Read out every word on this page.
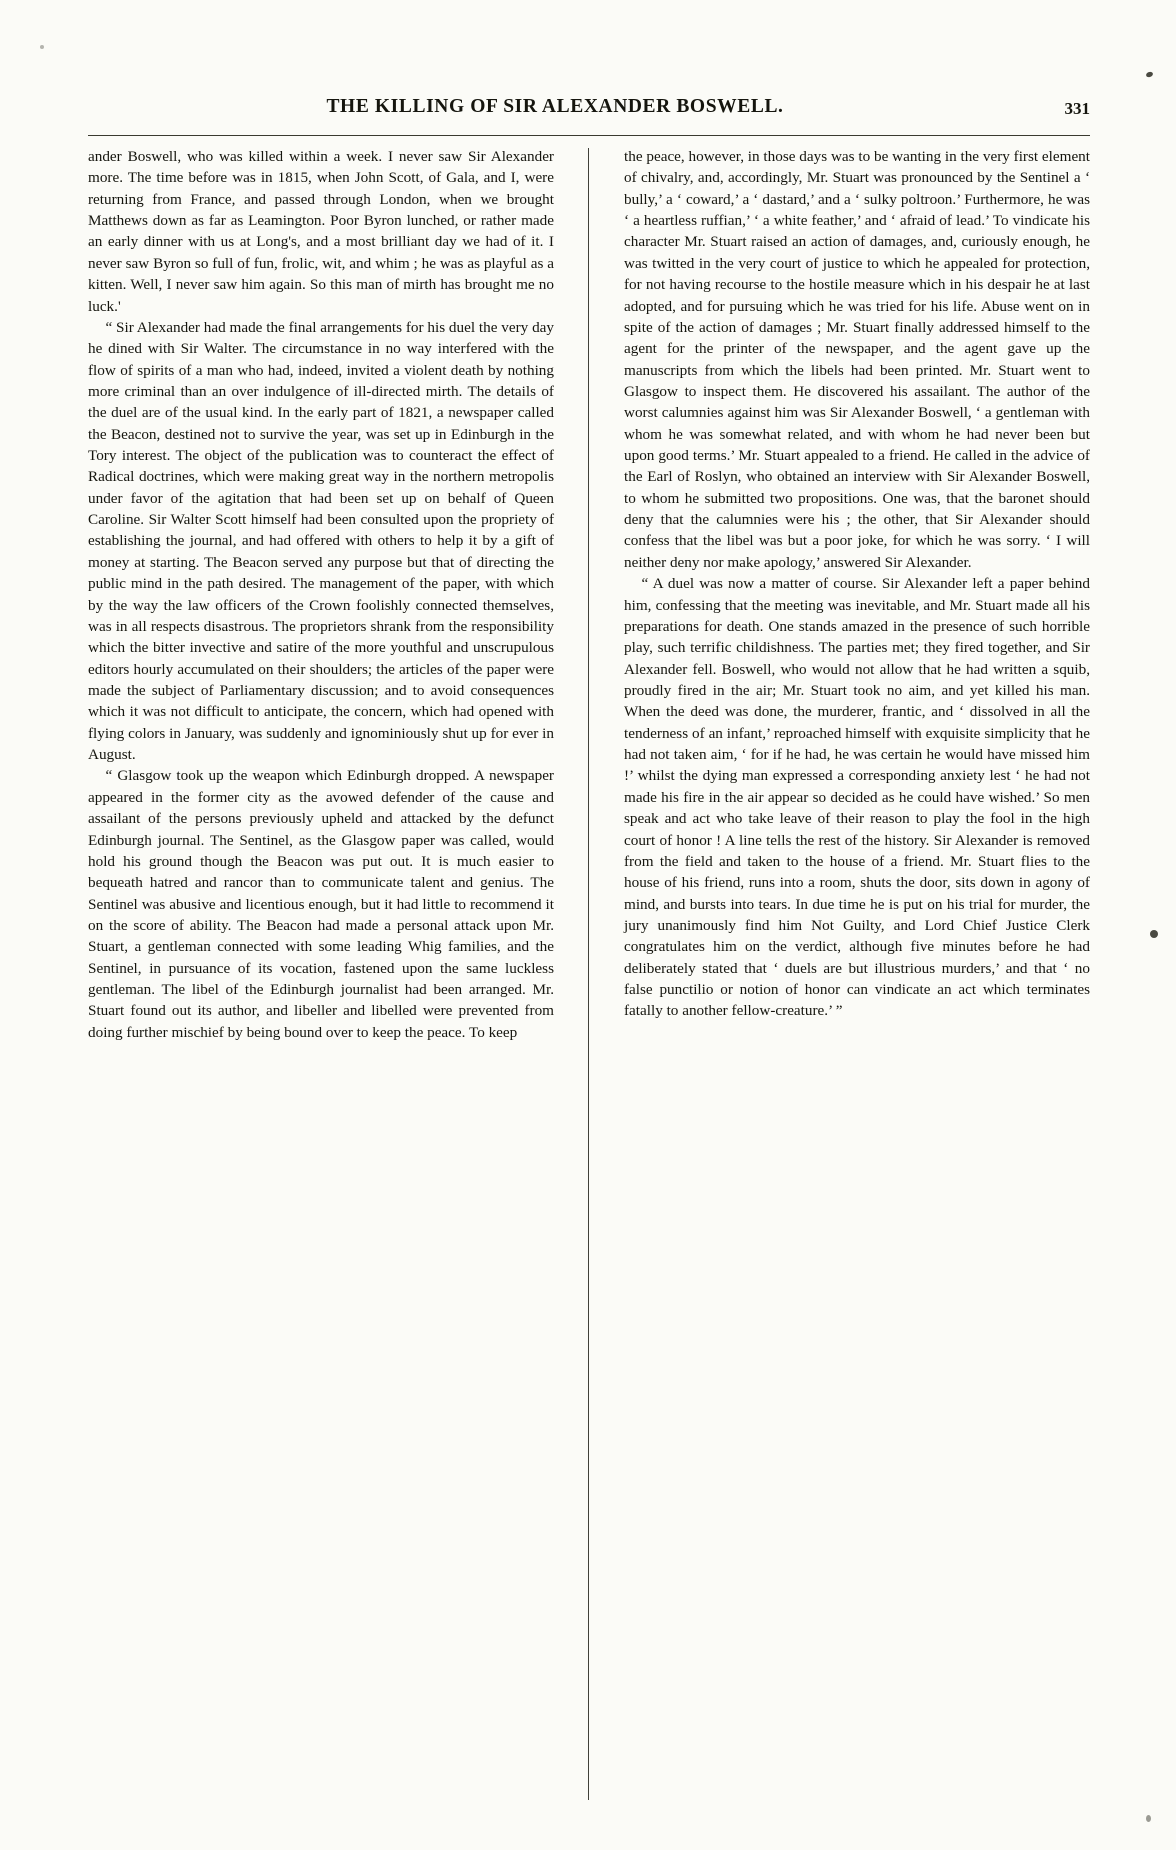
THE KILLING OF SIR ALEXANDER BOSWELL.	331

ander Boswell, who was killed within a week. I never saw Sir Alexander more. The time before was in 1815, when John Scott, of Gala, and I, were returning from France, and passed through London, when we brought Matthews down as far as Leamington. Poor Byron lunched, or rather made an early dinner with us at Long's, and a most brilliant day we had of it. I never saw Byron so full of fun, frolic, wit, and whim ; he was as playful as a kitten. Well, I never saw him again. So this man of mirth has brought me no luck.'

“ Sir Alexander had made the final arrangements for his duel the very day he dined with Sir Walter. The circumstance in no way interfered with the flow of spirits of a man who had, indeed, invited a violent death by nothing more criminal than an over indulgence of ill-directed mirth. The details of the duel are of the usual kind. In the early part of 1821, a newspaper called the Beacon, destined not to survive the year, was set up in Edinburgh in the Tory interest. The object of the publication was to counteract the effect of Radical doctrines, which were making great way in the northern metropolis under favor of the agitation that had been set up on behalf of Queen Caroline. Sir Walter Scott himself had been consulted upon the propriety of establishing the journal, and had offered with others to help it by a gift of money at starting. The Beacon served any purpose but that of directing the public mind in the path desired. The management of the paper, with which by the way the law officers of the Crown foolishly connected themselves, was in all respects disastrous. The proprietors shrank from the responsibility which the bitter invective and satire of the more youthful and unscrupulous editors hourly accumulated on their shoulders; the articles of the paper were made the subject of Parliamentary discussion; and to avoid consequences which it was not difficult to anticipate, the concern, which had opened with flying colors in January, was suddenly and ignominiously shut up for ever in August.

“ Glasgow took up the weapon which Edinburgh dropped. A newspaper appeared in the former city as the avowed defender of the cause and assailant of the persons previously upheld and attacked by the defunct Edinburgh journal. The Sentinel, as the Glasgow paper was called, would hold his ground though the Beacon was put out. It is much easier to bequeath hatred and rancor than to communicate talent and genius. The Sentinel was abusive and licentious enough, but it had little to recommend it on the score of ability. The Beacon had made a personal attack upon Mr. Stuart, a gentleman connected with some leading Whig families, and the Sentinel, in pursuance of its vocation, fastened upon the same luckless gentleman. The libel of the Edinburgh journalist had been arranged. Mr. Stuart found out its author, and libeller and libelled were prevented from doing further mischief by being bound over to keep the peace. To keep

the peace, however, in those days was to be wanting in the very first element of chivalry, and, accordingly, Mr. Stuart was pronounced by the Sentinel a ‘ bully,’ a ‘ coward,’ a ‘ dastard,’ and a ‘ sulky poltroon.’ Furthermore, he was ‘ a heartless ruffian,’ ‘ a white feather,’ and ‘ afraid of lead.’ To vindicate his character Mr. Stuart raised an action of damages, and, curiously enough, he was twitted in the very court of justice to which he appealed for protection, for not having recourse to the hostile measure which in his despair he at last adopted, and for pursuing which he was tried for his life. Abuse went on in spite of the action of damages ; Mr. Stuart finally addressed himself to the agent for the printer of the newspaper, and the agent gave up the manuscripts from which the libels had been printed. Mr. Stuart went to Glasgow to inspect them. He discovered his assailant. The author of the worst calumnies against him was Sir Alexander Boswell, ‘ a gentleman with whom he was somewhat related, and with whom he had never been but upon good terms.’ Mr. Stuart appealed to a friend. He called in the advice of the Earl of Roslyn, who obtained an interview with Sir Alexander Boswell, to whom he submitted two propositions. One was, that the baronet should deny that the calumnies were his ; the other, that Sir Alexander should confess that the libel was but a poor joke, for which he was sorry. ‘ I will neither deny nor make apology,’ answered Sir Alexander.

“ A duel was now a matter of course. Sir Alexander left a paper behind him, confessing that the meeting was inevitable, and Mr. Stuart made all his preparations for death. One stands amazed in the presence of such horrible play, such terrific childishness. The parties met; they fired together, and Sir Alexander fell. Boswell, who would not allow that he had written a squib, proudly fired in the air; Mr. Stuart took no aim, and yet killed his man. When the deed was done, the murderer, frantic, and ‘ dissolved in all the tenderness of an infant,’ reproached himself with exquisite simplicity that he had not taken aim, ‘ for if he had, he was certain he would have missed him !’ whilst the dying man expressed a corresponding anxiety lest ‘ he had not made his fire in the air appear so decided as he could have wished.’ So men speak and act who take leave of their reason to play the fool in the high court of honor ! A line tells the rest of the history. Sir Alexander is removed from the field and taken to the house of a friend. Mr. Stuart flies to the house of his friend, runs into a room, shuts the door, sits down in agony of mind, and bursts into tears. In due time he is put on his trial for murder, the jury unanimously find him Not Guilty, and Lord Chief Justice Clerk congratulates him on the verdict, although five minutes before he had deliberately stated that ‘ duels are but illustrious murders,’ and that ‘ no false punctilio or notion of honor can vindicate an act which terminates fatally to another fellow-creature.’ ”
